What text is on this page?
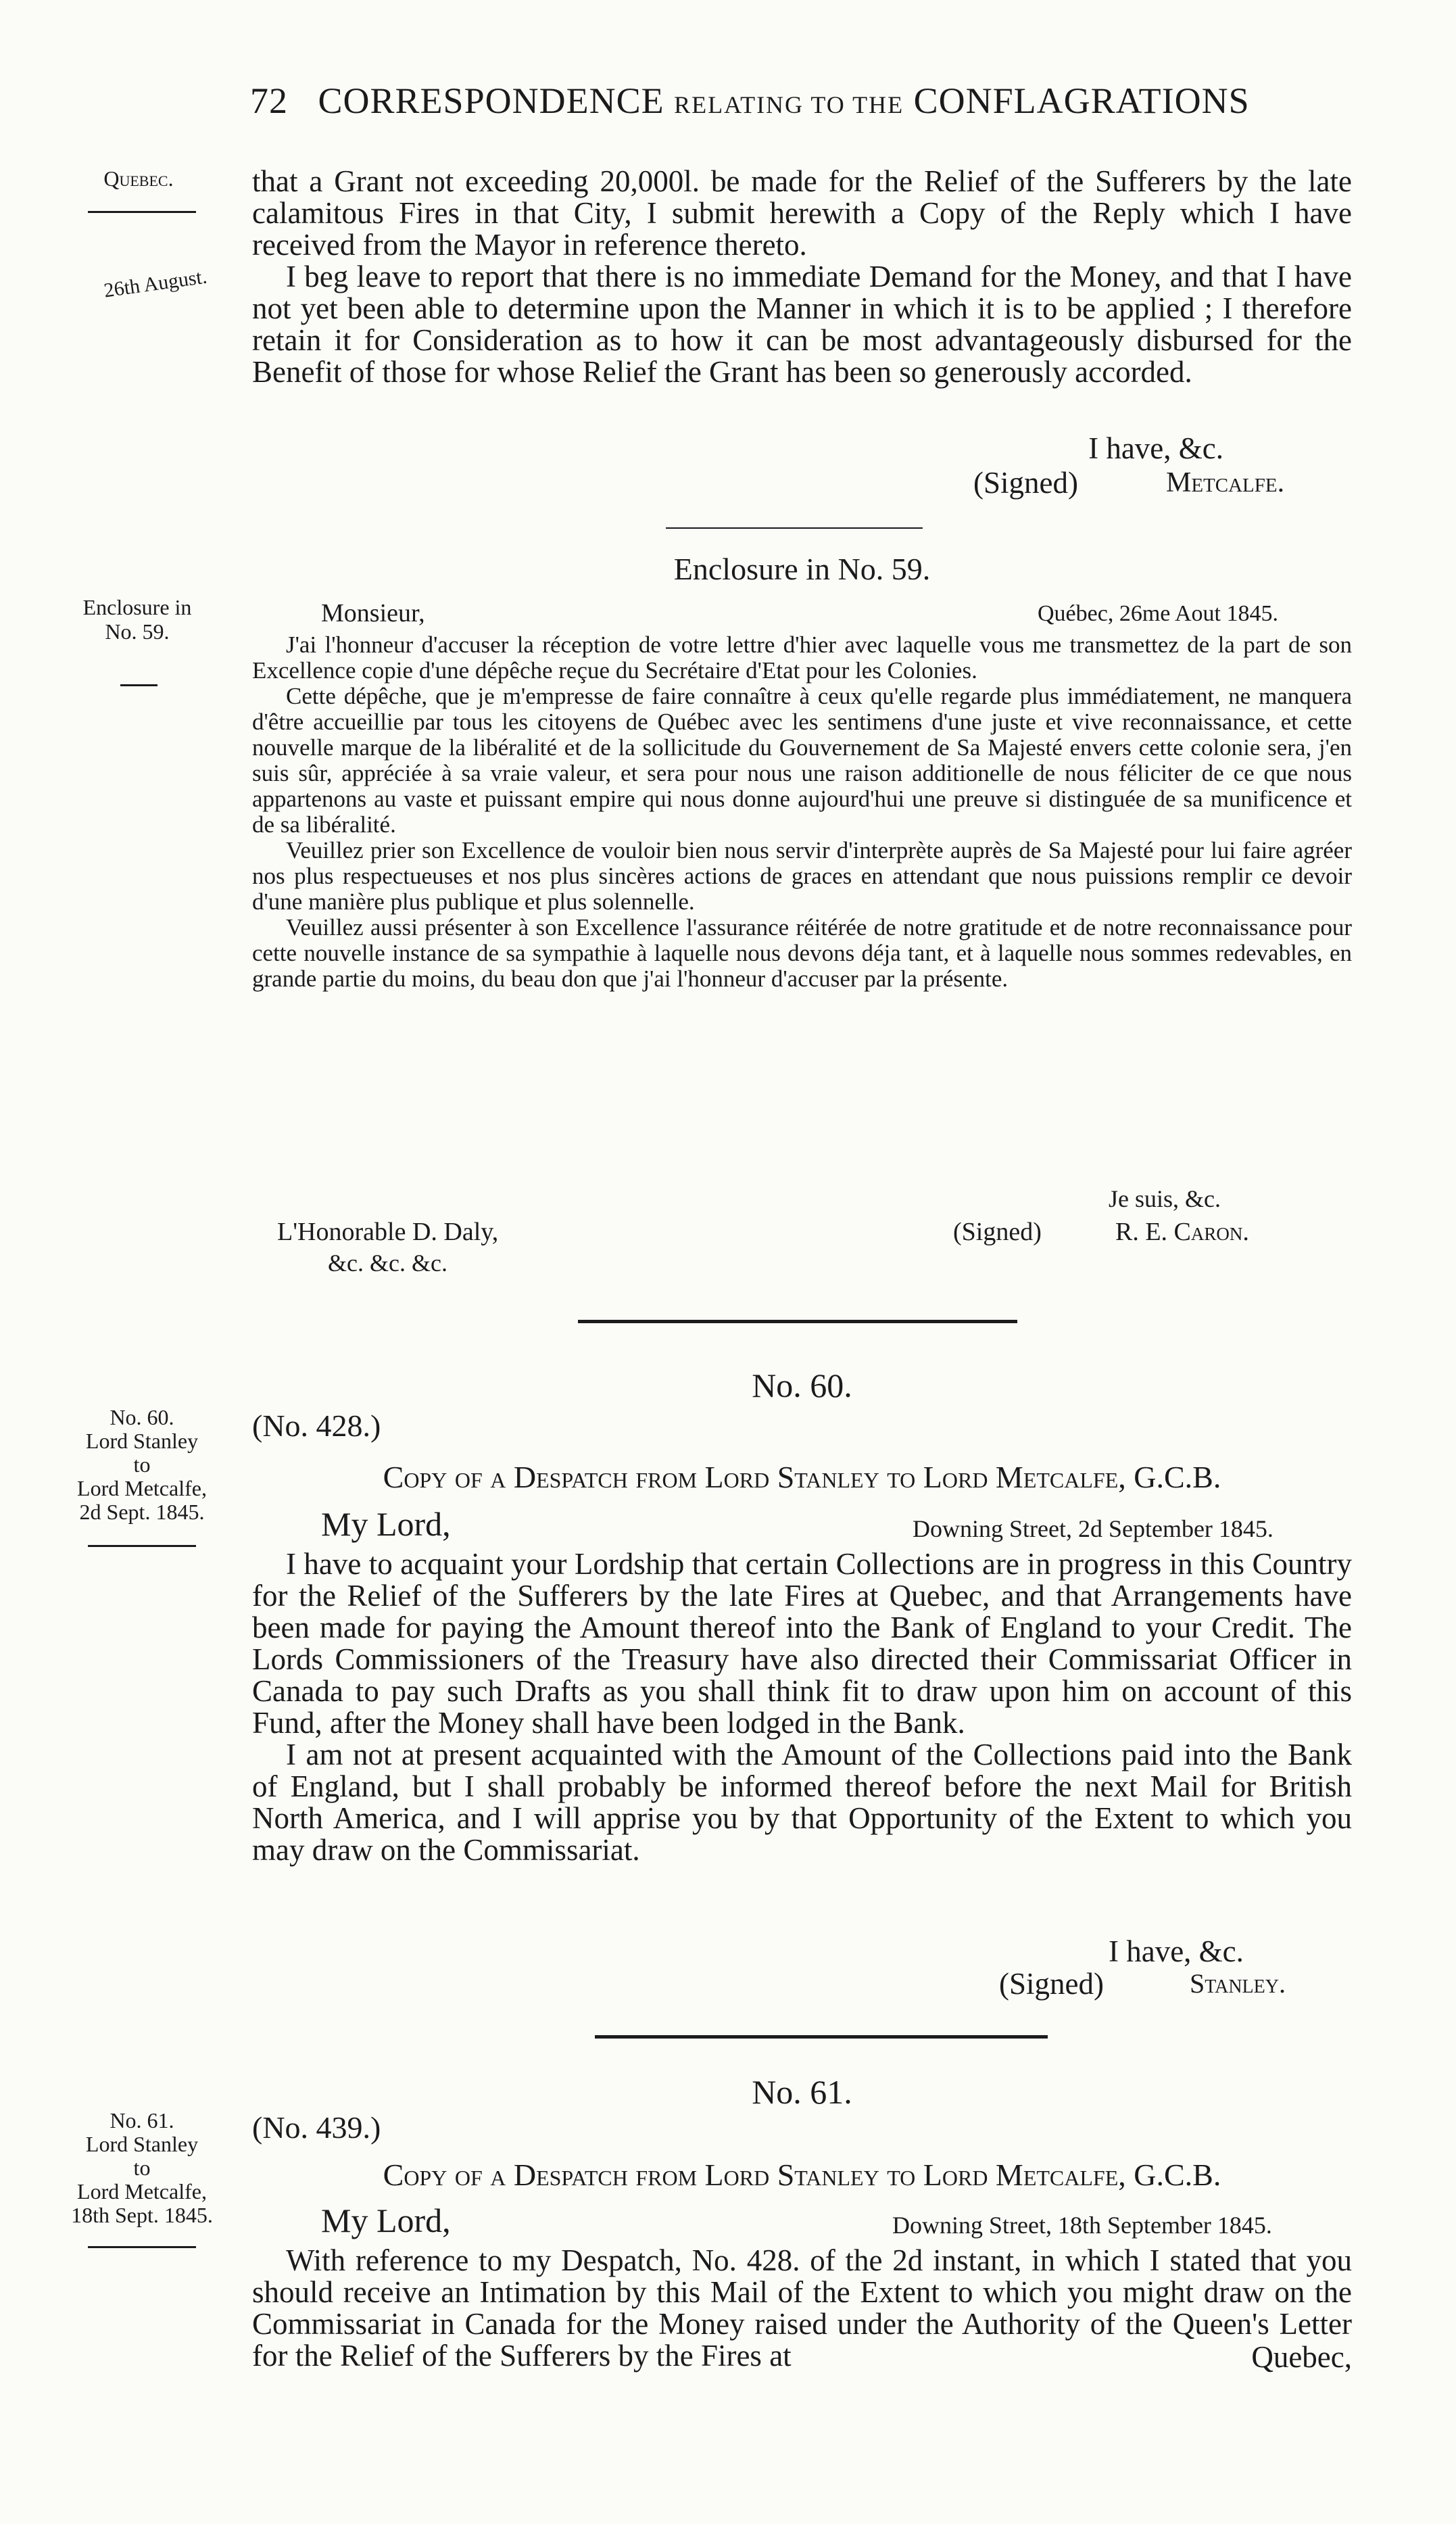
72 CORRESPONDENCE RELATING TO THE CONFLAGRATIONS
Quebec.
26th August.

that a Grant not exceeding 20,000l. be made for the Relief of the Sufferers by the late calamitous Fires in that City, I submit herewith a Copy of the Reply which I have received from the Mayor in reference thereto.

I beg leave to report that there is no immediate Demand for the Money, and that I have not yet been able to determine upon the Manner in which it is to be applied ; I therefore retain it for Consideration as to how it can be most advantageously disbursed for the Benefit of those for whose Relief the Grant has been so generously accorded.

I have, &c.
(Signed)	Metcalfe.
Enclosure in No. 59.
Enclosure in
No. 59.
Monsieur,	Québec, 26me Aout 1845.

J'ai l'honneur d'accuser la réception de votre lettre d'hier avec laquelle vous me transmettez de la part de son Excellence copie d'une dépêche reçue du Secrétaire d'Etat pour les Colonies.

Cette dépêche, que je m'empresse de faire connaître à ceux qu'elle regarde plus immédiatement, ne manquera d'être accueillie par tous les citoyens de Québec avec les sentimens d'une juste et vive reconnaissance, et cette nouvelle marque de la libéralité et de la sollicitude du Gouvernement de Sa Majesté envers cette colonie sera, j'en suis sûr, appréciée à sa vraie valeur, et sera pour nous une raison additionelle de nous féliciter de ce que nous appartenons au vaste et puissant empire qui nous donne aujourd'hui une preuve si distinguée de sa munificence et de sa libéralité.

Veuillez prier son Excellence de vouloir bien nous servir d'interprète auprès de Sa Majesté pour lui faire agréer nos plus respectueuses et nos plus sincères actions de graces en attendant que nous puissions remplir ce devoir d'une manière plus publique et plus solennelle.

Veuillez aussi présenter à son Excellence l'assurance réitérée de notre gratitude et de notre reconnaissance pour cette nouvelle instance de sa sympathie à laquelle nous devons déja tant, et à laquelle nous sommes redevables, en grande partie du moins, du beau don que j'ai l'honneur d'accuser par la présente.

Je suis, &c.
L'Honorable D. Daly,
&c. &c. &c.
(Signed)	R. E. Caron.
No. 60.
No. 60.
Lord Stanley
to
Lord Metcalfe,
2d Sept. 1845.
(No. 428.)
Copy of a Despatch from Lord Stanley to Lord Metcalfe, G.C.B.
My Lord,	Downing Street, 2d September 1845.

I have to acquaint your Lordship that certain Collections are in progress in this Country for the Relief of the Sufferers by the late Fires at Quebec, and that Arrangements have been made for paying the Amount thereof into the Bank of England to your Credit. The Lords Commissioners of the Treasury have also directed their Commissariat Officer in Canada to pay such Drafts as you shall think fit to draw upon him on account of this Fund, after the Money shall have been lodged in the Bank.

I am not at present acquainted with the Amount of the Collections paid into the Bank of England, but I shall probably be informed thereof before the next Mail for British North America, and I will apprise you by that Opportunity of the Extent to which you may draw on the Commissariat.

I have, &c.
(Signed)	Stanley.
No. 61.
No. 61.
Lord Stanley
to
Lord Metcalfe,
18th Sept. 1845.
(No. 439.)
Copy of a Despatch from Lord Stanley to Lord Metcalfe, G.C.B.
My Lord,	Downing Street, 18th September 1845.

With reference to my Despatch, No. 428. of the 2d instant, in which I stated that you should receive an Intimation by this Mail of the Extent to which you might draw on the Commissariat in Canada for the Money raised under the Authority of the Queen's Letter for the Relief of the Sufferers by the Fires at	Quebec,
